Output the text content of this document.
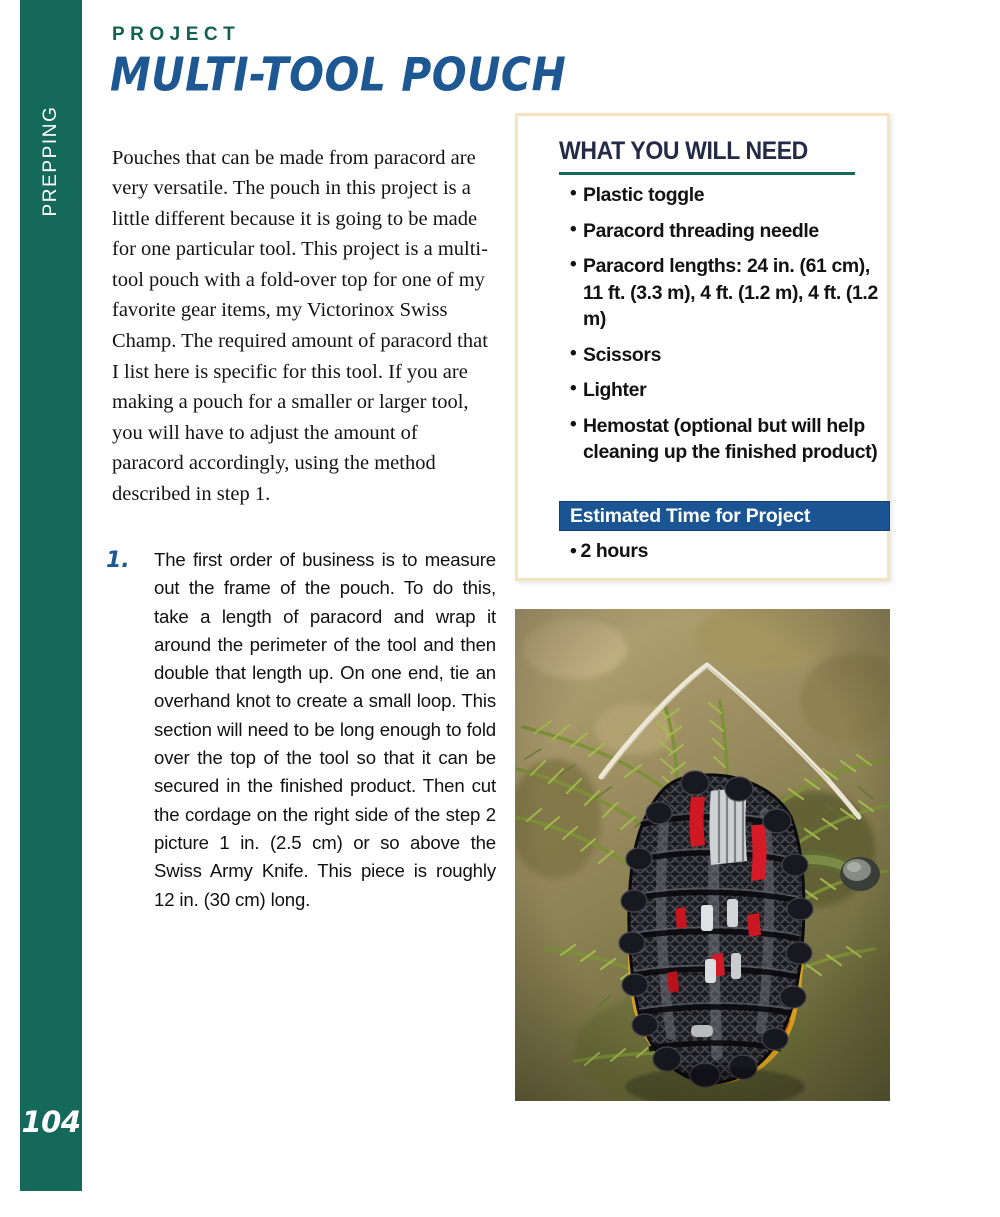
PREPPING
104
PROJECT
MULTI-TOOL POUCH

Pouches that can be made from paracord are very versatile. The pouch in this project is a little different because it is going to be made for one particular tool. This project is a multi-tool pouch with a fold-over top for one of my favorite gear items, my Victorinox Swiss Champ. The required amount of paracord that I list here is specific for this tool. If you are making a pouch for a smaller or larger tool, you will have to adjust the amount of paracord accordingly, using the method described in step 1.

1.	The first order of business is to measure out the frame of the pouch. To do this, take a length of paracord and wrap it around the perimeter of the tool and then double that length up. On one end, tie an overhand knot to create a small loop. This section will need to be long enough to fold over the top of the tool so that it can be secured in the finished product. Then cut the cordage on the right side of the step 2 picture 1 in. (2.5 cm) or so above the Swiss Army Knife. This piece is roughly 12 in. (30 cm) long.
WHAT YOU WILL NEED
• Plastic toggle
• Paracord threading needle
• Paracord lengths: 24 in. (61 cm), 11 ft. (3.3 m), 4 ft. (1.2 m), 4 ft. (1.2 m)
• Scissors
• Lighter
• Hemostat (optional but will help cleaning up the finished product)
Estimated Time for Project
• 2 hours
